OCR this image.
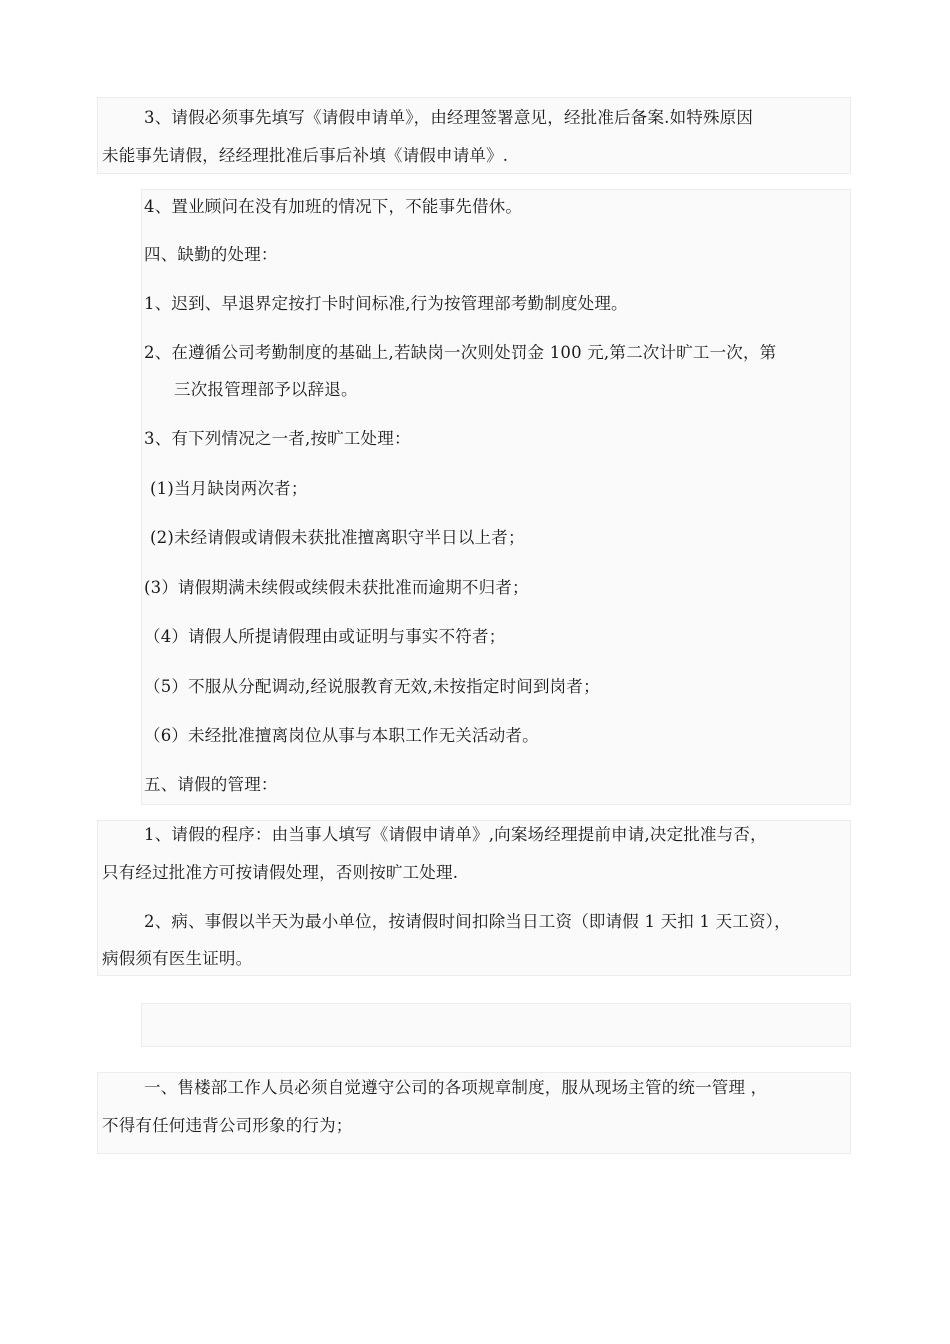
3、请假必须事先填写《请假申请单》，由经理签署意见，经批准后备案.如特殊原因
未能事先请假，经经理批准后事后补填《请假申请单》.
4、置业顾问在没有加班的情况下，不能事先借休。
四、缺勤的处理：
1、迟到、早退界定按打卡时间标准,行为按管理部考勤制度处理。
2、在遵循公司考勤制度的基础上,若缺岗一次则处罚金 100 元,第二次计旷工一次，第
三次报管理部予以辞退。
3、有下列情况之一者,按旷工处理：
(1)当月缺岗两次者；
(2)未经请假或请假未获批准擅离职守半日以上者；
(3）请假期满未续假或续假未获批准而逾期不归者；
（4）请假人所提请假理由或证明与事实不符者；
（5）不服从分配调动,经说服教育无效,未按指定时间到岗者；
（6）未经批准擅离岗位从事与本职工作无关活动者。
五、请假的管理：
1、请假的程序：由当事人填写《请假申请单》,向案场经理提前申请,决定批准与否，
只有经过批准方可按请假处理，否则按旷工处理.
2、病、事假以半天为最小单位，按请假时间扣除当日工资（即请假 1 天扣 1 天工资），
病假须有医生证明。
一、售楼部工作人员必须自觉遵守公司的各项规章制度，服从现场主管的统一管理 ，
不得有任何违背公司形象的行为；
